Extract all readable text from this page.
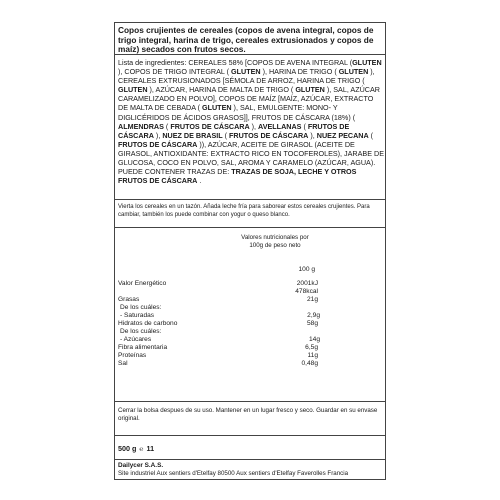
Copos crujientes de cereales (copos de avena integral, copos de trigo integral, harina de trigo, cereales extrusionados y copos de maíz) secados con frutos secos.

Lista de ingredientes: CEREALES 58% [COPOS DE AVENA INTEGRAL (GLUTEN ), COPOS DE TRIGO INTEGRAL ( GLUTEN ), HARINA DE TRIGO ( GLUTEN ), CEREALES EXTRUSIONADOS [SÉMOLA DE ARROZ, HARINA DE TRIGO ( GLUTEN ), AZÚCAR, HARINA DE MALTA DE TRIGO ( GLUTEN ), SAL, AZÚCAR CARAMELIZADO EN POLVO], COPOS DE MAÍZ [MAÍZ, AZÚCAR, EXTRACTO DE MALTA DE CEBADA ( GLUTEN ), SAL, EMULGENTE: MONO- Y DIGLICÉRIDOS DE ÁCIDOS GRASOS]], FRUTOS DE CÁSCARA (18%) ( ALMENDRAS ( FRUTOS DE CÁSCARA ), AVELLANAS ( FRUTOS DE CÁSCARA ), NUEZ DE BRASIL ( FRUTOS DE CÁSCARA ), NUEZ PECANA ( FRUTOS DE CÁSCARA )), AZÚCAR, ACEITE DE GIRASOL (ACEITE DE GIRASOL, ANTIOXIDANTE: EXTRACTO RICO EN TOCOFEROLES), JARABE DE GLUCOSA, COCO EN POLVO, SAL, AROMA Y CARAMELO (AZÚCAR, AGUA). PUEDE CONTENER TRAZAS DE: TRAZAS DE SOJA, LECHE Y OTROS FRUTOS DE CÁSCARA .

Vierta los cereales en un tazón. Añada leche fría para saborear estos cereales crujientes. Para cambiar, también los puede combinar con yogur o queso blanco.

Valores nutricionales por
100g de peso neto
100 g
Valor Energético	2001kJ
478kcal
Grasas	21g
De los cuáles:
- Saturadas	2,9g
Hidratos de carbono	58g
De los cuáles:
- Azúcares	14g
Fibra alimentaria	6,5g
Proteínas	11g
Sal	0,48g

Cerrar la bolsa despues de su uso. Mantener en un lugar fresco y seco. Guardar en su envase original.

500 g ℮ 11
Dailycer S.A.S.

Site industriel Aux sentiers d'Etelfay 80500 Aux sentiers d'Etelfay Faverolles Francia
